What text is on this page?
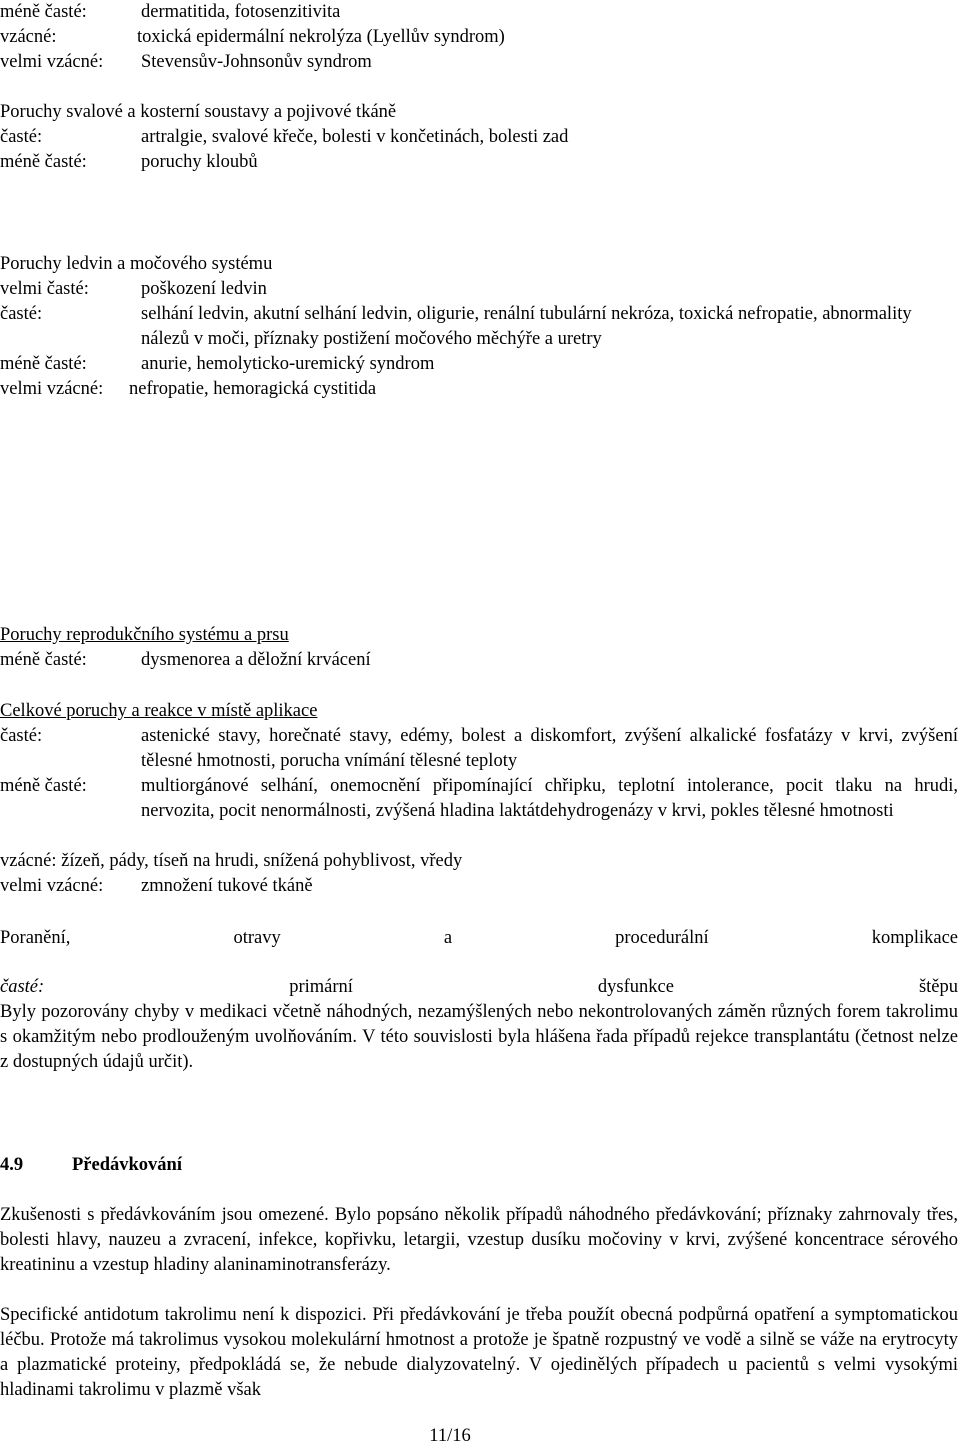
méně časté:	dermatitida, fotosenzitivita
vzácné:	toxická epidermální nekrolýza (Lyellův syndrom)
velmi vzácné: Stevensův-Johnsonův syndrom
Poruchy svalové a kosterní soustavy a pojivové tkáně
časté:	artralgie, svalové křeče, bolesti v končetinách, bolesti zad
méně časté:	poruchy kloubů
Poruchy ledvin a močového systému
velmi časté:	poškození ledvin
časté:	selhání ledvin, akutní selhání ledvin, oligurie, renální tubulární nekróza, toxická nefropatie, abnormality nálezů v moči, příznaky postižení močového měchýře a uretry
méně časté:	anurie, hemolyticko-uremický syndrom
velmi vzácné: nefropatie, hemoragická cystitida
Poruchy reprodukčního systému a prsu
méně časté:	dysmenorea a děložní krvácení
Celkové poruchy a reakce v místě aplikace
časté:	astenické stavy, horečnaté stavy, edémy, bolest a diskomfort, zvýšení alkalické fosfatázy v krvi, zvýšení tělesné hmotnosti, porucha vnímání tělesné teploty
méně časté:	multiorgánové selhání, onemocnění připomínající chřipku, teplotní intolerance, pocit tlaku na hrudi, nervozita, pocit nenormálnosti, zvýšená hladina laktátdehydrogenázy v krvi, pokles tělesné hmotnosti
vzácné: žízeň, pády, tíseň na hrudi, snížená pohyblivost, vředy
velmi vzácné: zmnožení tukové tkáně
Poranění,	otravy	a	procedurální	komplikace
časté:	primární	dysfunkce	štěpu
Byly pozorovány chyby v medikaci včetně náhodných, nezamýšlených nebo nekontrolovaných záměn různých forem takrolimu s okamžitým nebo prodlouženým uvolňováním. V této souvislosti byla hlášena řada případů rejekce transplantátu (četnost nelze z dostupných údajů určit).
4.9	Předávkování
Zkušenosti s předávkováním jsou omezené. Bylo popsáno několik případů náhodného předávkování; příznaky zahrnovaly třes, bolesti hlavy, nauzeu a zvracení, infekce, kopřivku, letargii, vzestup dusíku močoviny v krvi, zvýšené koncentrace sérového kreatininu a vzestup hladiny alaninaminotransferázy.
Specifické antidotum takrolimu není k dispozici. Při předávkování je třeba použít obecná podpůrná opatření a symptomatickou léčbu. Protože má takrolimus vysokou molekulární hmotnost a protože je špatně rozpustný ve vodě a silně se váže na erytrocyty a plazmatické proteiny, předpokládá se, že nebude dialyzovatelný. V ojedinělých případech u pacientů s velmi vysokými hladinami takrolimu v plazmě však
11/16
